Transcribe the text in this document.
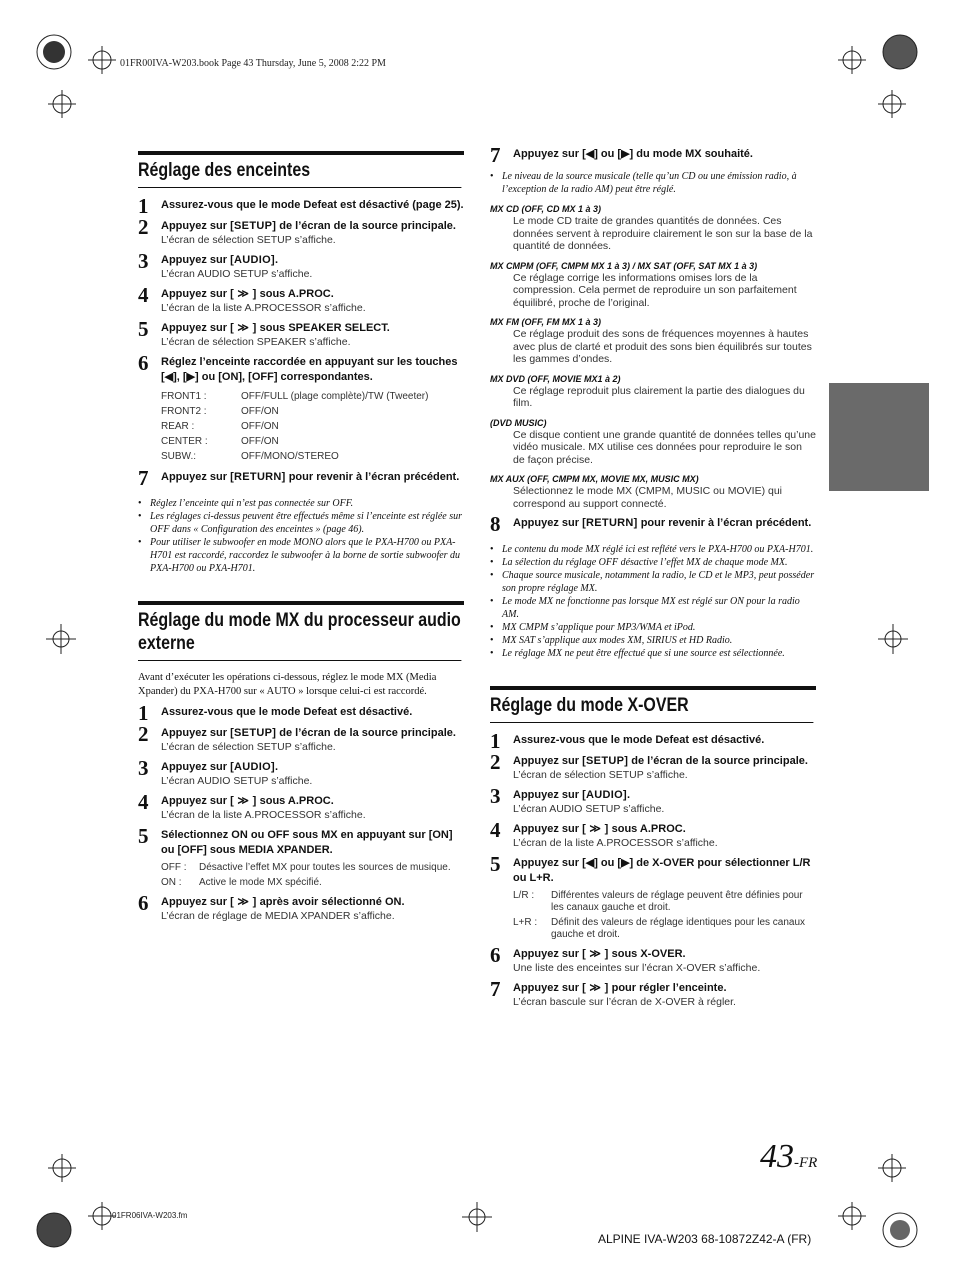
01FR00IVA-W203.book Page 43 Thursday, June 5, 2008 2:22 PM
Réglage des enceintes
1 Assurez-vous que le mode Defeat est désactivé (page 25).
2 Appuyez sur [SETUP] de l’écran de la source principale.
L’écran de sélection SETUP s’affiche.
3 Appuyez sur [AUDIO].
L’écran AUDIO SETUP s’affiche.
4 Appuyez sur [ ≫ ] sous A.PROC.
L’écran de la liste A.PROCESSOR s’affiche.
5 Appuyez sur [ ≫ ] sous SPEAKER SELECT.
L’écran de sélection SPEAKER s’affiche.
6 Réglez l’enceinte raccordée en appuyant sur les touches [◀], [▶] ou [ON], [OFF] correspondantes.
FRONT1 :	OFF/FULL (plage complète)/TW (Tweeter)
FRONT2 :	OFF/ON
REAR :	OFF/ON
CENTER :	OFF/ON
SUBW.:	OFF/MONO/STEREO
7 Appuyez sur [RETURN] pour revenir à l’écran précédent.
• Réglez l’enceinte qui n’est pas connectée sur OFF.
• Les réglages ci-dessus peuvent être effectués même si l’enceinte est réglée sur OFF dans « Configuration des enceintes » (page 46).
• Pour utiliser le subwoofer en mode MONO alors que le PXA-H700 ou PXA-H701 est raccordé, raccordez le subwoofer à la borne de sortie subwoofer du PXA-H700 ou PXA-H701.
Réglage du mode MX du processeur audio externe

Avant d’exécuter les opérations ci-dessous, réglez le mode MX (Media Xpander) du PXA-H700 sur « AUTO » lorsque celui-ci est raccordé.

1 Assurez-vous que le mode Defeat est désactivé.
2 Appuyez sur [SETUP] de l’écran de la source principale.
L’écran de sélection SETUP s’affiche.
3 Appuyez sur [AUDIO].
L’écran AUDIO SETUP s’affiche.
4 Appuyez sur [ ≫ ] sous A.PROC.
L’écran de la liste A.PROCESSOR s’affiche.
5 Sélectionnez ON ou OFF sous MX en appuyant sur [ON] ou [OFF] sous MEDIA XPANDER.
OFF :	Désactive l’effet MX pour toutes les sources de musique.
ON :	Active le mode MX spécifié.
6 Appuyez sur [ ≫ ] après avoir sélectionné ON.
L’écran de réglage de MEDIA XPANDER s’affiche.
7 Appuyez sur [◀] ou [▶] du mode MX souhaité.
• Le niveau de la source musicale (telle qu’un CD ou une émission radio, à l’exception de la radio AM) peut être réglé.
MX CD (OFF, CD MX 1 à 3)
Le mode CD traite de grandes quantités de données. Ces données servent à reproduire clairement le son sur la base de la quantité de données.
MX CMPM (OFF, CMPM MX 1 à 3) / MX SAT (OFF, SAT MX 1 à 3)
Ce réglage corrige les informations omises lors de la compression. Cela permet de reproduire un son parfaitement équilibré, proche de l’original.
MX FM (OFF, FM MX 1 à 3)
Ce réglage produit des sons de fréquences moyennes à hautes avec plus de clarté et produit des sons bien équilibrés sur toutes les gammes d’ondes.
MX DVD (OFF, MOVIE MX1 à 2)
Ce réglage reproduit plus clairement la partie des dialogues du film.
(DVD MUSIC)
Ce disque contient une grande quantité de données telles qu’une vidéo musicale. MX utilise ces données pour reproduire le son de façon précise.
MX AUX (OFF, CMPM MX, MOVIE MX, MUSIC MX)
Sélectionnez le mode MX (CMPM, MUSIC ou MOVIE) qui correspond au support connecté.
8 Appuyez sur [RETURN] pour revenir à l’écran précédent.
• Le contenu du mode MX réglé ici est reflété vers le PXA-H700 ou PXA-H701.
• La sélection du réglage OFF désactive l’effet MX de chaque mode MX.
• Chaque source musicale, notamment la radio, le CD et le MP3, peut posséder son propre réglage MX.
• Le mode MX ne fonctionne pas lorsque MX est réglé sur ON pour la radio AM.
• MX CMPM s’applique pour MP3/WMA et iPod.
• MX SAT s’applique aux modes XM, SIRIUS et HD Radio.
• Le réglage MX ne peut être effectué que si une source est sélectionnée.
Réglage du mode X-OVER
1 Assurez-vous que le mode Defeat est désactivé.
2 Appuyez sur [SETUP] de l’écran de la source principale.
L’écran de sélection SETUP s’affiche.
3 Appuyez sur [AUDIO].
L’écran AUDIO SETUP s’affiche.
4 Appuyez sur [ ≫ ] sous A.PROC.
L’écran de la liste A.PROCESSOR s’affiche.
5 Appuyez sur [◀] ou [▶] de X-OVER pour sélectionner L/R ou L+R.
L/R :	Différentes valeurs de réglage peuvent être définies pour les canaux gauche et droit.
L+R :	Définit des valeurs de réglage identiques pour les canaux gauche et droit.
6 Appuyez sur [ ≫ ] sous X-OVER.
Une liste des enceintes sur l’écran X-OVER s’affiche.
7 Appuyez sur [ ≫ ] pour régler l’enceinte.
L’écran bascule sur l’écran de X-OVER à régler.
43-FR
01FR06IVA-W203.fm
ALPINE IVA-W203 68-10872Z42-A (FR)
